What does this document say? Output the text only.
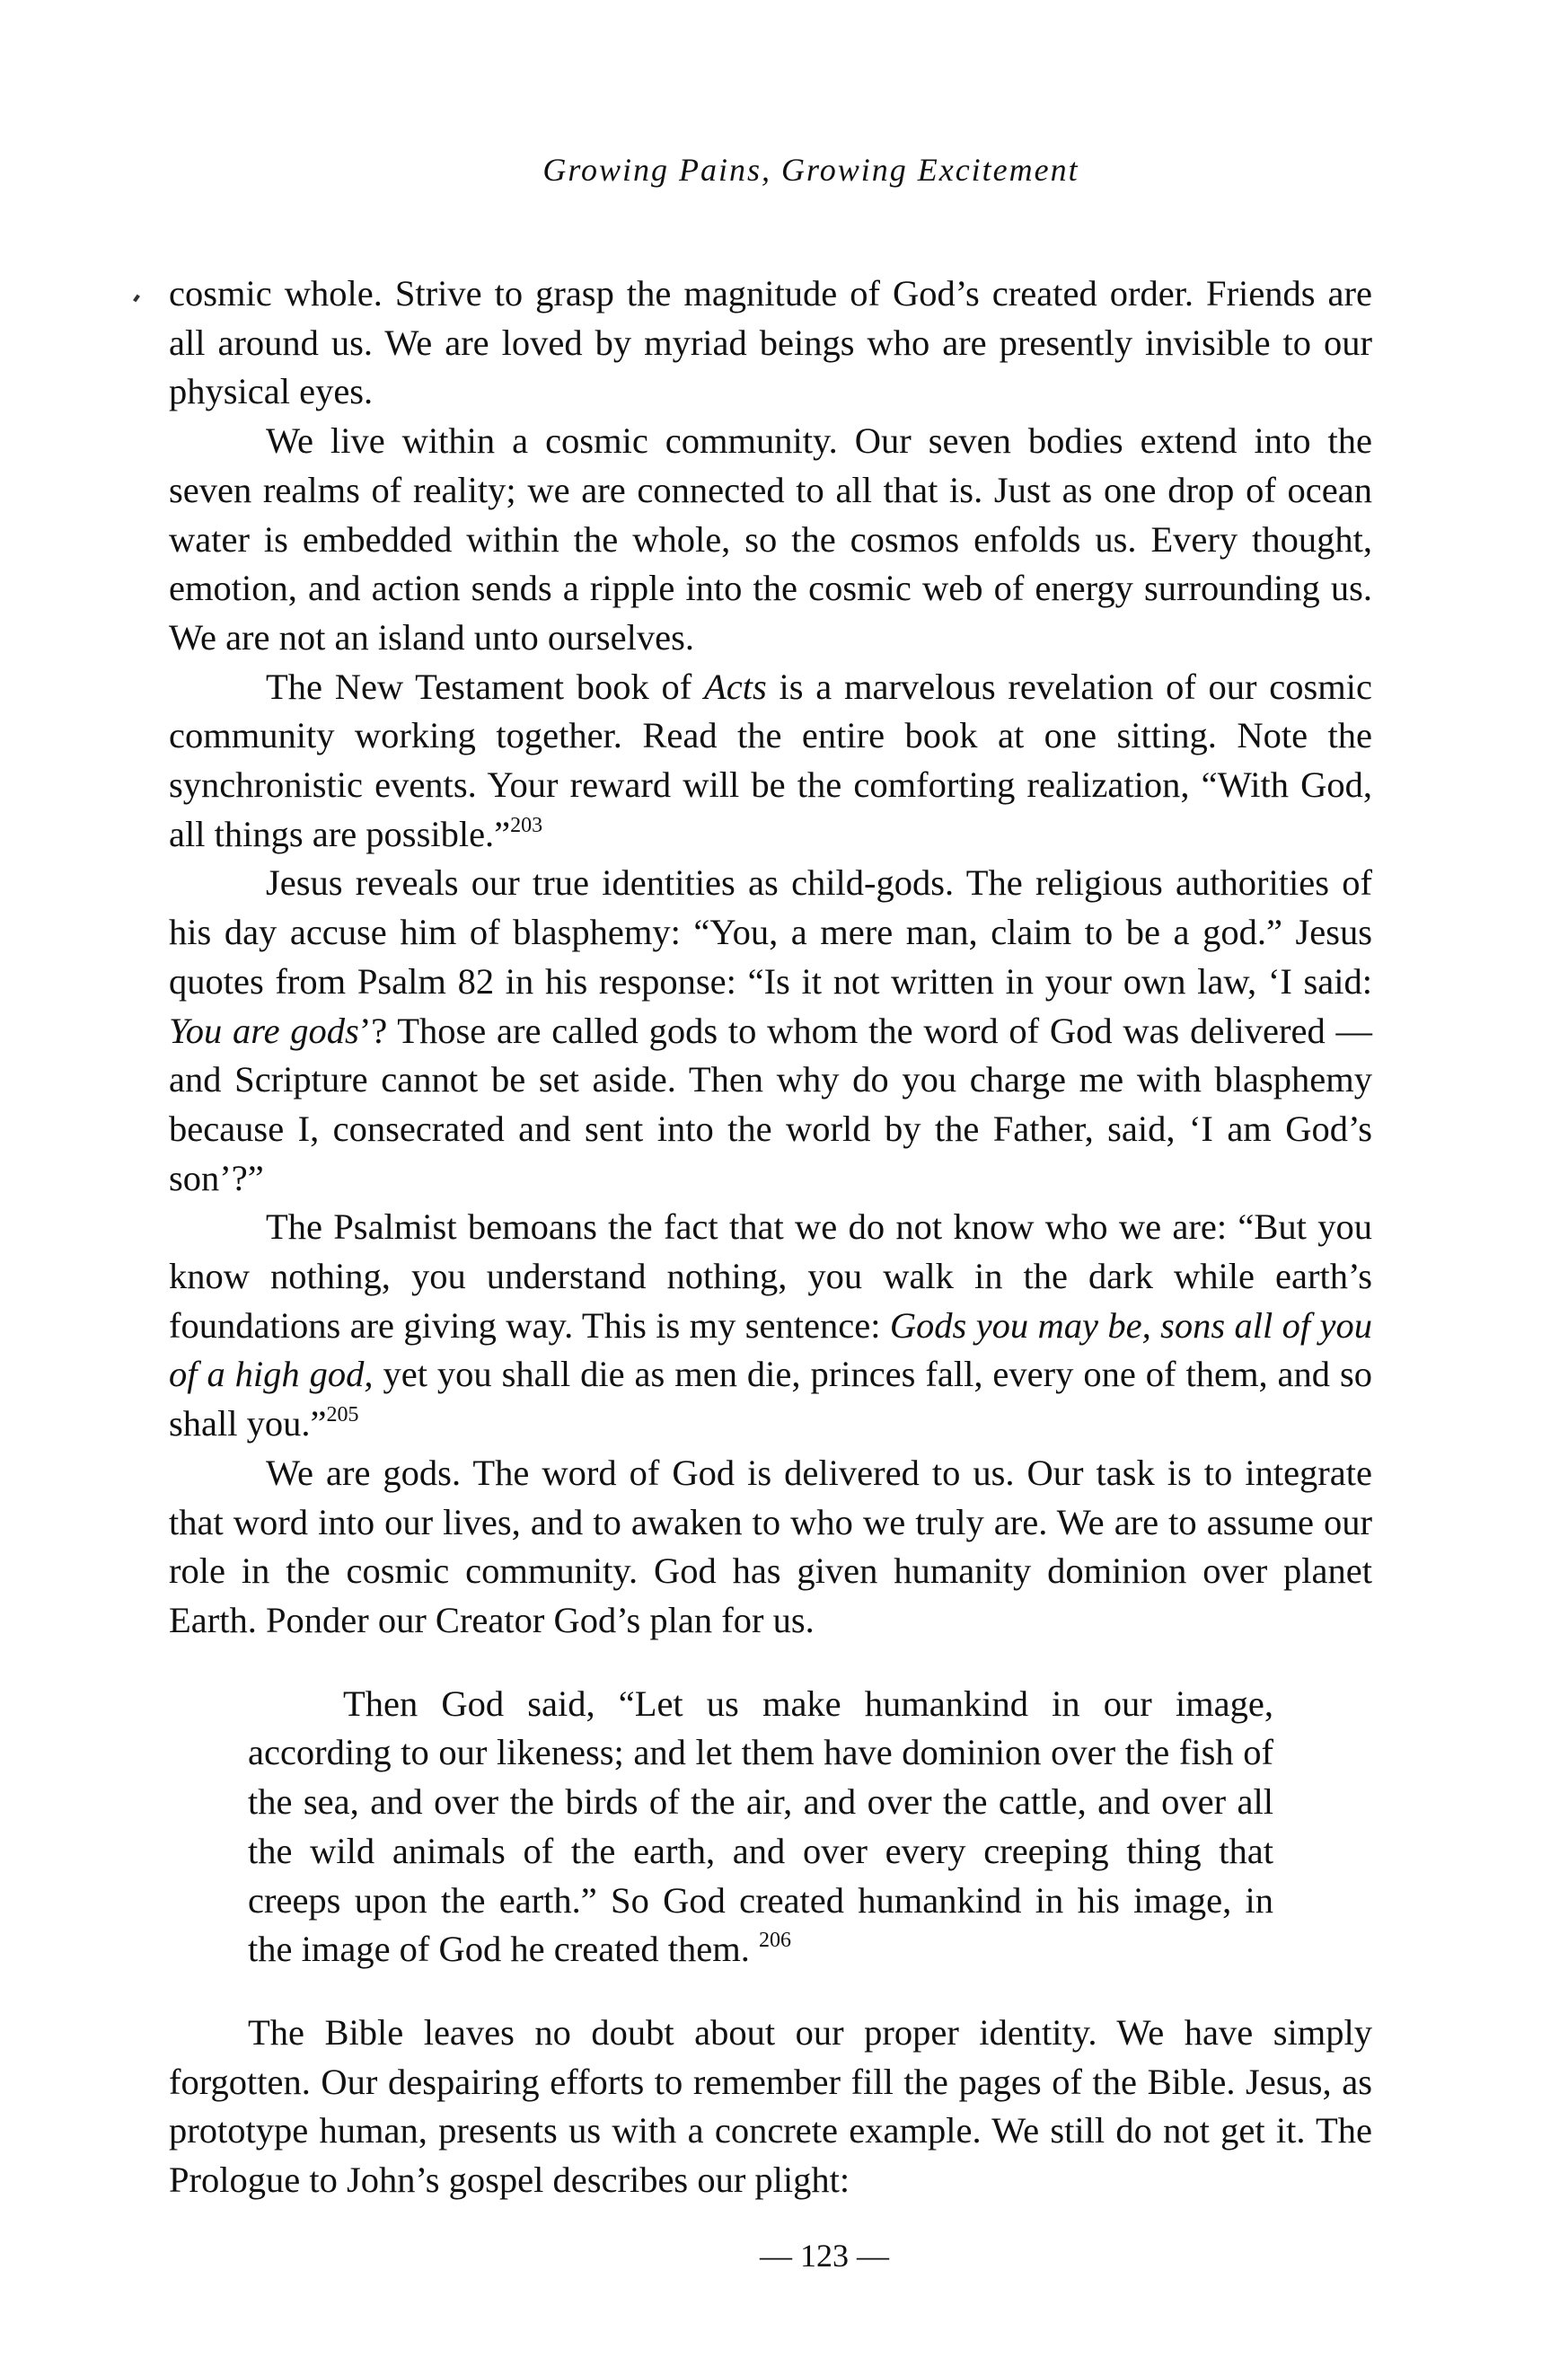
Growing Pains, Growing Excitement

cosmic whole. Strive to grasp the magnitude of God’s created order. Friends are all around us. We are loved by myriad beings who are presently invisible to our physical eyes.

We live within a cosmic community. Our seven bodies extend into the seven realms of reality; we are connected to all that is. Just as one drop of ocean water is embedded within the whole, so the cosmos enfolds us. Every thought, emotion, and action sends a ripple into the cosmic web of energy surrounding us. We are not an island unto ourselves.

The New Testament book of Acts is a marvelous revelation of our cosmic community working together. Read the entire book at one sitting. Note the synchronistic events. Your reward will be the comforting realization, “With God, all things are possible.”$^{203}$

Jesus reveals our true identities as child-gods. The religious authorities of his day accuse him of blasphemy: “You, a mere man, claim to be a god.” Jesus quotes from Psalm 82 in his response: “Is it not written in your own law, ‘I said: You are gods’? Those are called gods to whom the word of God was delivered — and Scripture cannot be set aside. Then why do you charge me with blasphemy because I, consecrated and sent into the world by the Father, said, ‘I am God’s son’?”

The Psalmist bemoans the fact that we do not know who we are: “But you know nothing, you understand nothing, you walk in the dark while earth’s foundations are giving way. This is my sentence: Gods you may be, sons all of you of a high god, yet you shall die as men die, princes fall, every one of them, and so shall you.”$^{205}$

We are gods. The word of God is delivered to us. Our task is to integrate that word into our lives, and to awaken to who we truly are. We are to assume our role in the cosmic community. God has given humanity dominion over planet Earth. Ponder our Creator God’s plan for us.

Then God said, “Let us make humankind in our image, according to our likeness; and let them have dominion over the fish of the sea, and over the birds of the air, and over the cattle, and over all the wild animals of the earth, and over every creeping thing that creeps upon the earth.” So God created humankind in his image, in the image of God he created them. $^{206}$

The Bible leaves no doubt about our proper identity. We have simply forgotten. Our despairing efforts to remember fill the pages of the Bible. Jesus, as prototype human, presents us with a concrete example. We still do not get it. The Prologue to John’s gospel describes our plight:

— 123 —
